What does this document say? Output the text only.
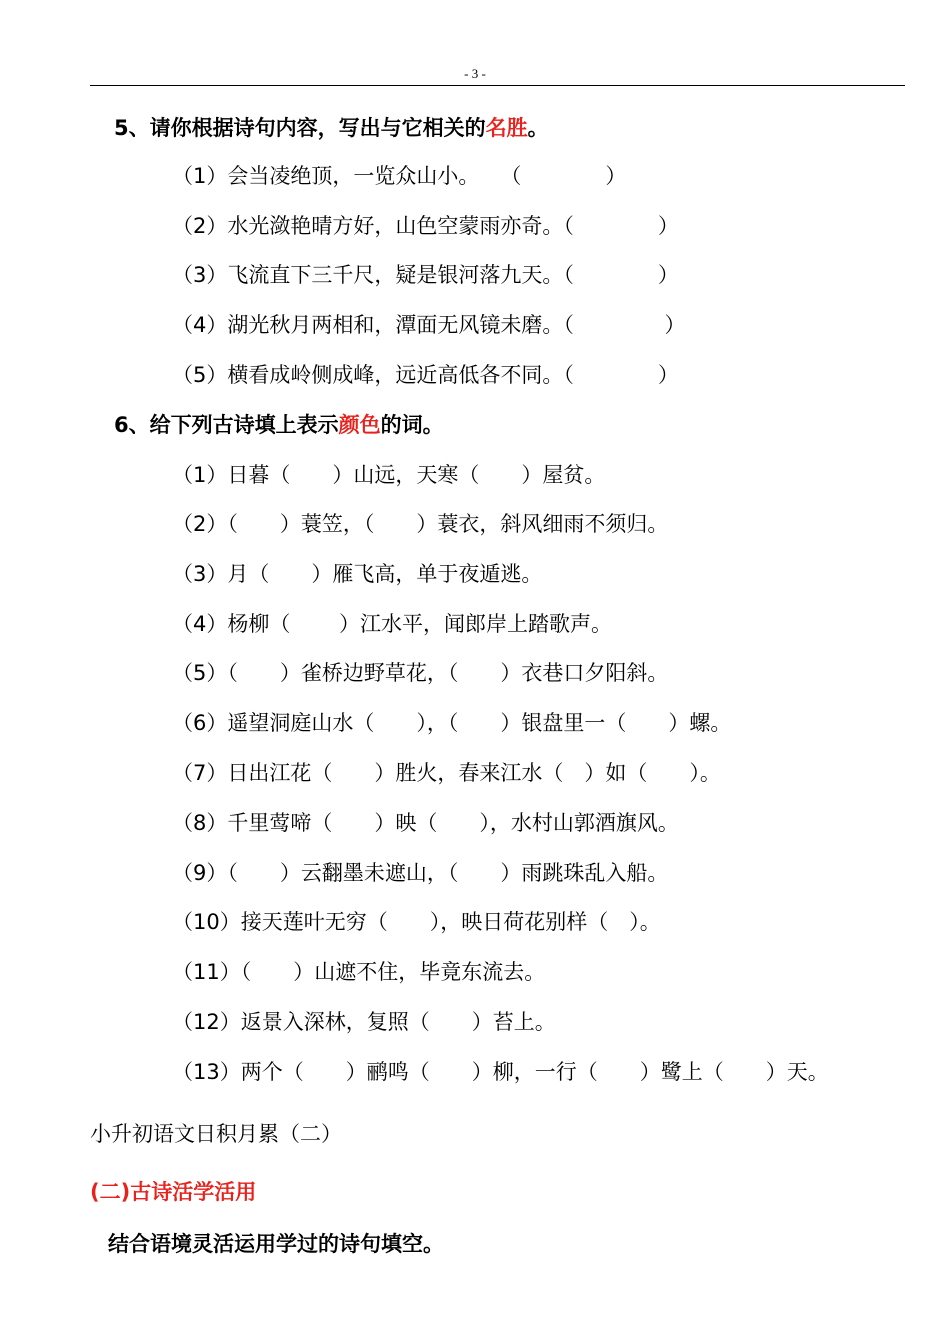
- 3 -
5、请你根据诗句内容，写出与它相关的名胜。
（1）会当凌绝顶，一览众山小。　　（　　　　）
（2）水光潋艳晴方好，山色空蒙雨亦奇。（　　　　）
（3）飞流直下三千尺，疑是银河落九天。（　　　　）
（4）湖光秋月两相和，潭面无风镜未磨。（　　　　 ）
（5）横看成岭侧成峰，远近高低各不同。（　　　　）
6、给下列古诗填上表示颜色的词。
（1）日暮（　　）山远，天寒（　　）屋贫。
（2）（　　）蓑笠，（　　）蓑衣，斜风细雨不须归。
（3）月（　　）雁飞高，单于夜遁逃。
（4）杨柳（　　 ）江水平，闻郎岸上踏歌声。
（5）（　　）雀桥边野草花，（　　）衣巷口夕阳斜。
（6）遥望洞庭山水（　　），（　　）银盘里一（　　）螺。
（7）日出江花（　　）胜火，春来江水（　）如（　　）。
（8）千里莺啼（　　）映（　　），水村山郭酒旗风。
（9）（　　）云翻墨未遮山，（　　）雨跳珠乱入船。
（10）接天莲叶无穷（　　），映日荷花别样（　）。
（11）（　　）山遮不住，毕竟东流去。
（12）返景入深林，复照（　　）苔上。
（13）两个（　　）鹂鸣（　　）柳，一行（　　）鹭上（　　）天。
小升初语文日积月累（二）
(二)古诗活学活用
结合语境灵活运用学过的诗句填空。
